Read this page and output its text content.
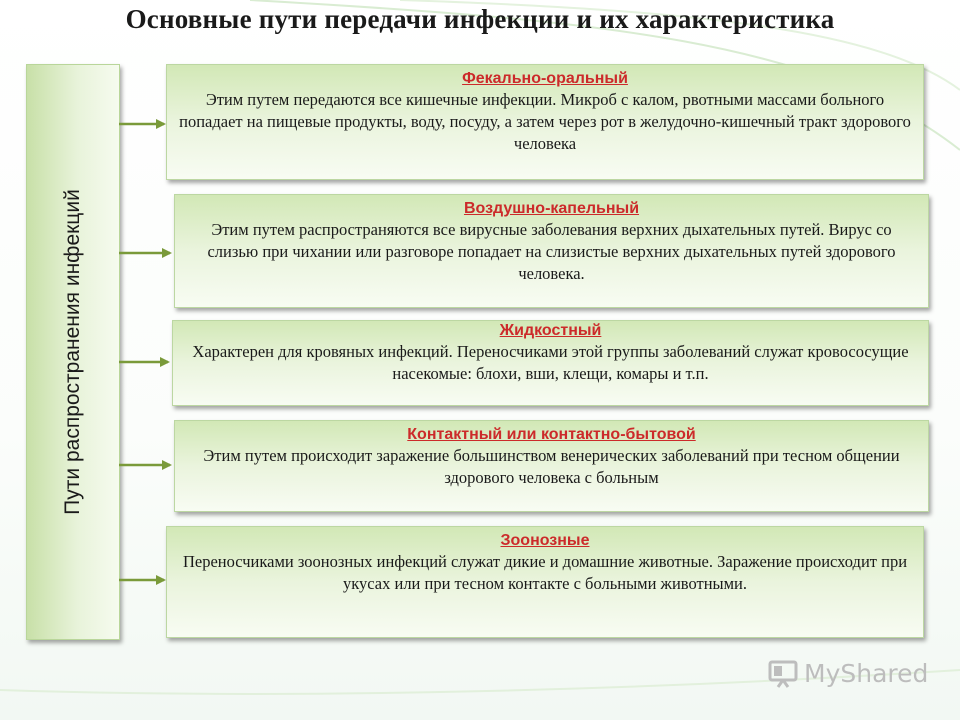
Основные пути передачи инфекции и их характеристика
Пути распространения инфекций
Фекально-оральный
Этим путем передаются все кишечные инфекции. Микроб с калом, рвотными массами больного попадает на пищевые продукты, воду, посуду, а затем через рот в желудочно-кишечный тракт здорового человека
Воздушно-капельный
Этим путем распространяются все вирусные заболевания верхних дыхательных путей. Вирус со слизью при чихании или разговоре попадает на слизистые верхних дыхательных путей здорового человека.
Жидкостный
Характерен для кровяных инфекций. Переносчиками этой группы заболеваний служат кровососущие насекомые: блохи, вши, клещи, комары и т.п.
Контактный или контактно-бытовой
Этим путем происходит заражение большинством венерических заболеваний при тесном общении здорового человека с больным
Зоонозные
Переносчиками зоонозных инфекций служат дикие и домашние животные. Заражение происходит при укусах или при тесном контакте с больными животными.
MyShared
